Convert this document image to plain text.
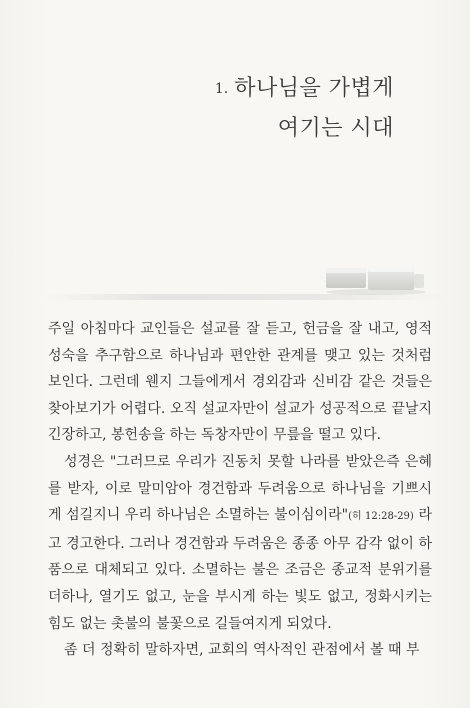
1. 하나님을 가볍게
여기는 시대

주일 아침마다 교인들은 설교를 잘 듣고, 헌금을 잘 내고, 영적 성숙을 추구함으로 하나님과 편안한 관계를 맺고 있는 것처럼 보인다. 그런데 웬지 그들에게서 경외감과 신비감 같은 것들은 찾아보기가 어렵다. 오직 설교자만이 설교가 성공적으로 끝날지 긴장하고, 봉헌송을 하는 독창자만이 무릎을 떨고 있다.

성경은 "그러므로 우리가 진동치 못할 나라를 받았은즉 은혜를 받자, 이로 말미암아 경건함과 두려움으로 하나님을 기쁘시게 섬길지니 우리 하나님은 소멸하는 불이심이라"(히 12:28-29) 라고 경고한다. 그러나 경건함과 두려움은 종종 아무 감각 없이 하품으로 대체되고 있다. 소멸하는 불은 조금은 종교적 분위기를 더하나, 열기도 없고, 눈을 부시게 하는 빛도 없고, 정화시키는 힘도 없는 촛불의 불꽃으로 길들여지게 되었다.

좀 더 정확히 말하자면, 교회의 역사적인 관점에서 볼 때 부
